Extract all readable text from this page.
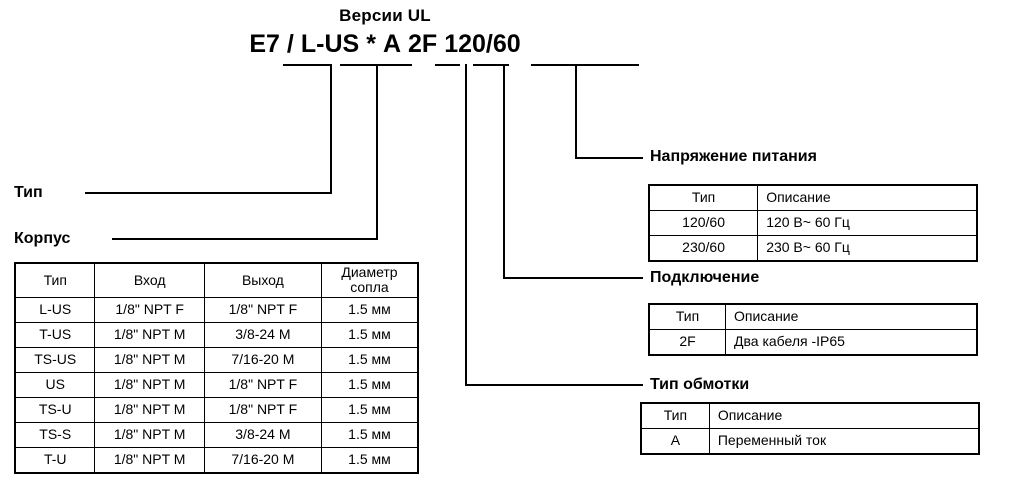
Версии UL
E7 / L-US * A 2F 120/60
Тип
Корпус
Тип	Вход	Выход	Диаметр
сопла
L-US	1/8" NPT F	1/8" NPT F	1.5 мм
T-US	1/8" NPT M	3/8-24 M	1.5 мм
TS-US	1/8" NPT M	7/16-20 M	1.5 мм
US	1/8" NPT M	1/8" NPT F	1.5 мм
TS-U	1/8" NPT M	1/8" NPT F	1.5 мм
TS-S	1/8" NPT M	3/8-24 M	1.5 мм
T-U	1/8" NPT M	7/16-20 M	1.5 мм
Напряжение питания
Тип	Описание
120/60	120 В~ 60 Гц
230/60	230 В~ 60 Гц
Подключение
Тип	Описание
2F	Два кабеля -IP65
Тип обмотки
Тип	Описание
A	Переменный ток
